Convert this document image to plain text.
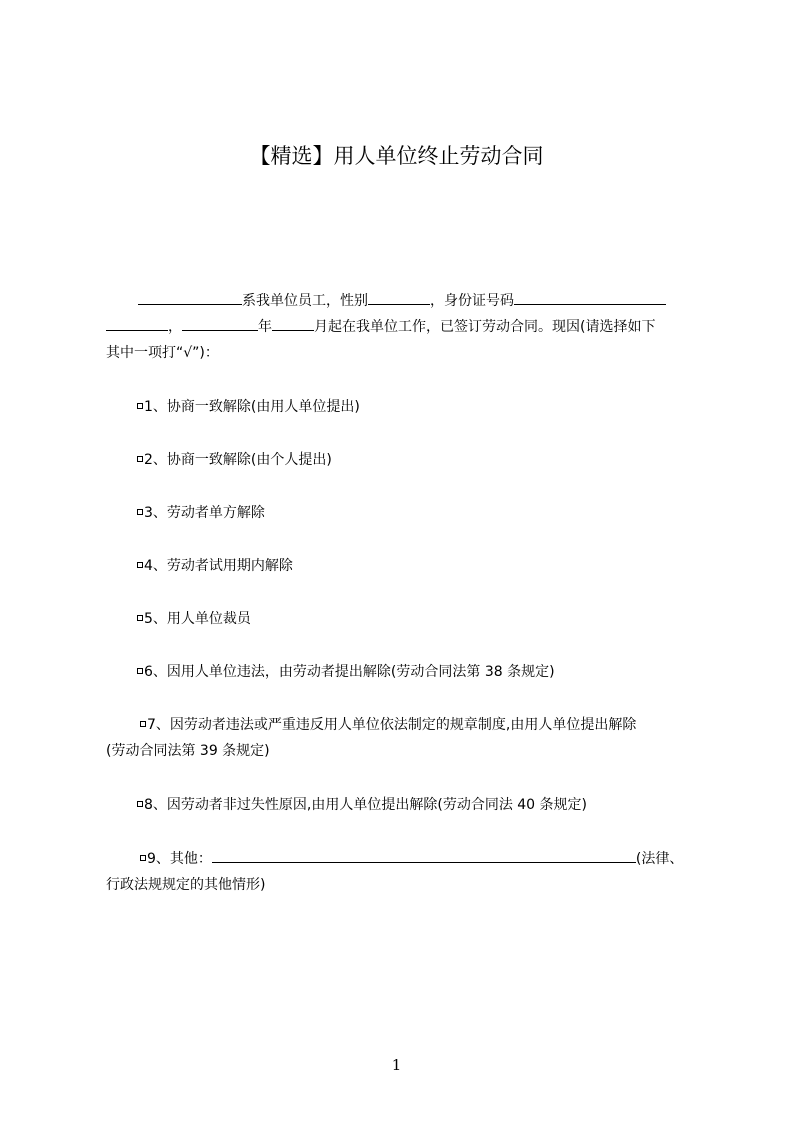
【精选】用人单位终止劳动合同
系我单位员工，性别	，身份证号码
，	年	月起在我单位工作，已签订劳动合同。现因(请选择如下
其中一项打“√”)：
1、协商一致解除(由用人单位提出)
2、协商一致解除(由个人提出)
3、劳动者单方解除
4、劳动者试用期内解除
5、用人单位裁员
6、因用人单位违法，由劳动者提出解除(劳动合同法第 38 条规定)
7、因劳动者违法或严重违反用人单位依法制定的规章制度,由用人单位提出解除
(劳动合同法第 39 条规定)
8、因劳动者非过失性原因,由用人单位提出解除(劳动合同法 40 条规定)
9、其他：	(法律、
行政法规规定的其他情形)
1
